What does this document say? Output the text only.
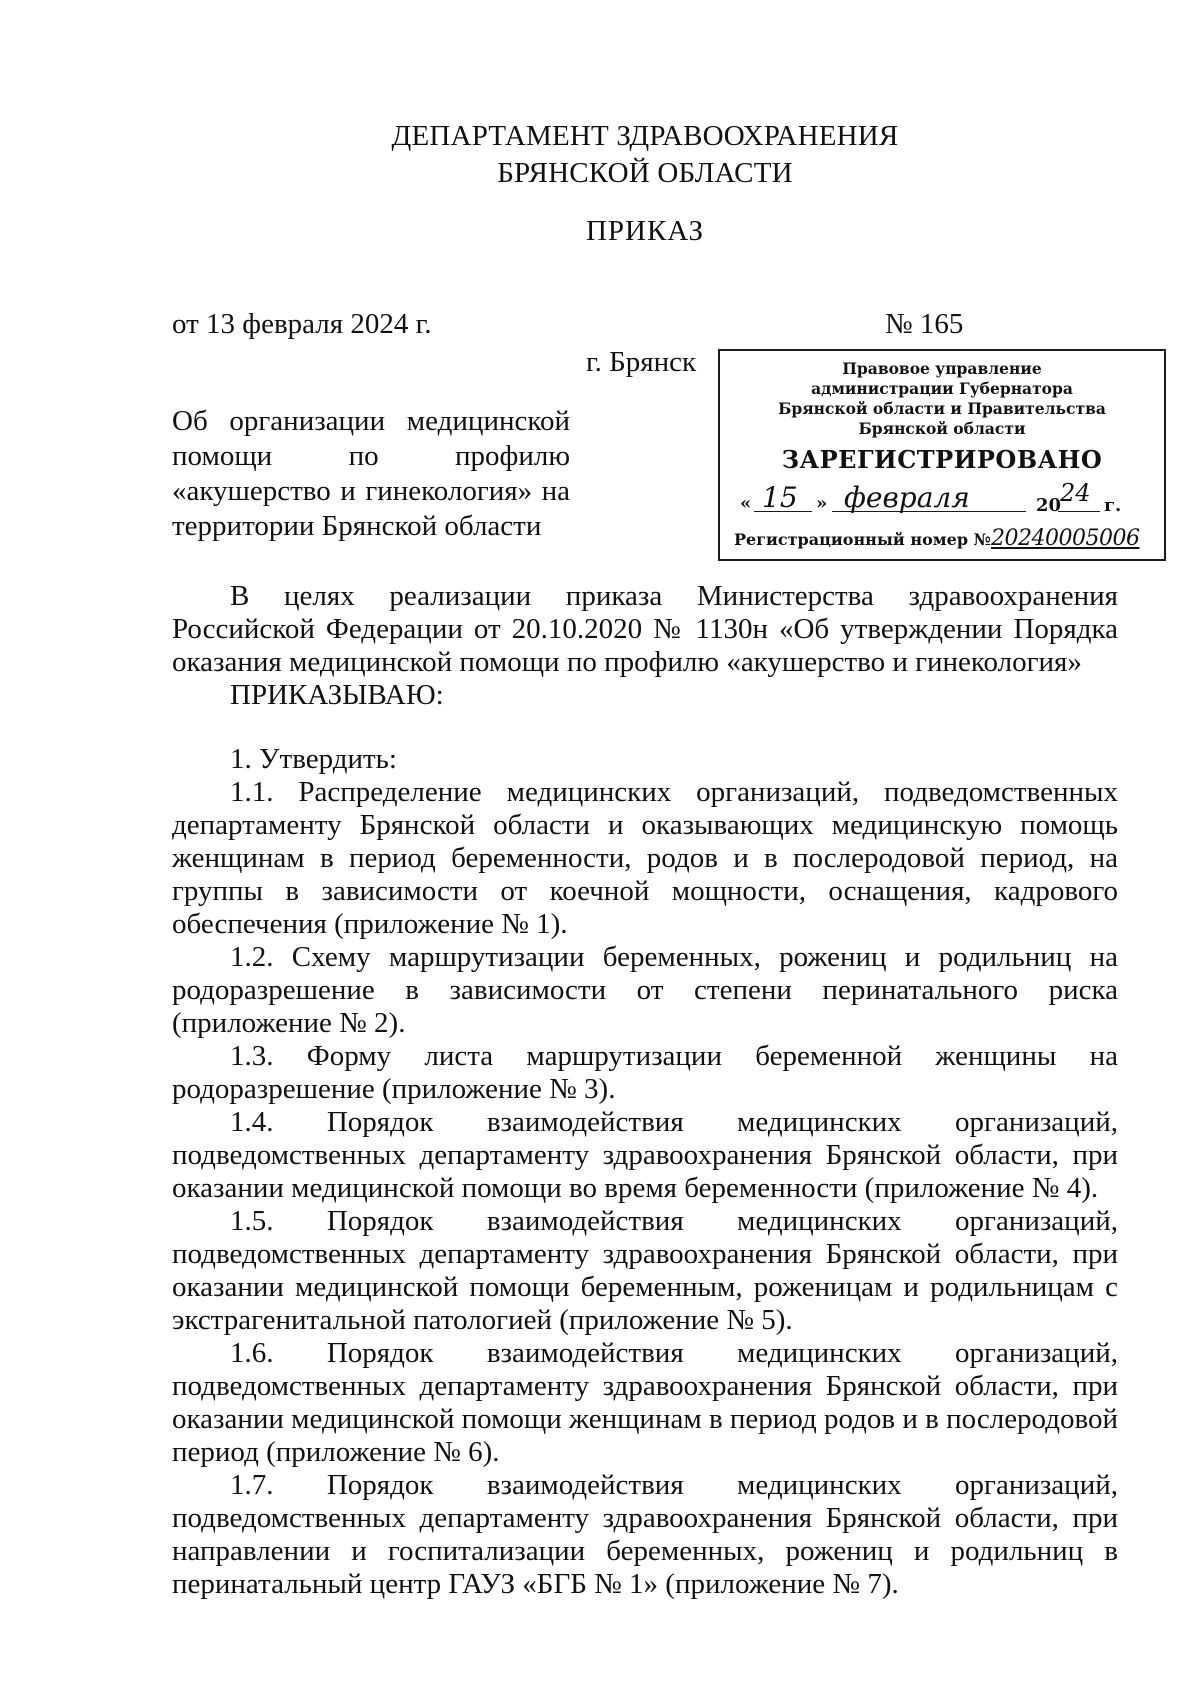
ДЕПАРТАМЕНТ ЗДРАВООХРАНЕНИЯ
БРЯНСКОЙ ОБЛАСТИ
ПРИКАЗ
от 13 февраля 2024 г.	№ 165
г. Брянск
Об организации медицинской
помощи по профилю
«акушерство и гинекология» на
территории Брянской области
Правовое управление
администрации Губернатора
Брянской области и Правительства
Брянской области
ЗАРЕГИСТРИРОВАНО
« 15 » февраля	20
24 г.
Регистрационный номер №20240005006

В целях реализации приказа Министерства здравоохранения Российской Федерации от 20.10.2020 № 1130н «Об утверждении Порядка оказания медицинской помощи по профилю «акушерство и гинекология»

ПРИКАЗЫВАЮ:

1. Утвердить:

1.1. Распределение медицинских организаций, подведомственных департаменту Брянской области и оказывающих медицинскую помощь женщинам в период беременности, родов и в послеродовой период, на группы в зависимости от коечной мощности, оснащения, кадрового обеспечения (приложение № 1).

1.2. Схему маршрутизации беременных, рожениц и родильниц на родоразрешение в зависимости от степени перинатального риска (приложение № 2).

1.3. Форму листа маршрутизации беременной женщины на родоразрешение (приложение № 3).

1.4. Порядок взаимодействия медицинских организаций, подведомственных департаменту здравоохранения Брянской области, при оказании медицинской помощи во время беременности (приложение № 4).

1.5. Порядок взаимодействия медицинских организаций, подведомственных департаменту здравоохранения Брянской области, при оказании медицинской помощи беременным, роженицам и родильницам с экстрагенитальной патологией (приложение № 5).

1.6. Порядок взаимодействия медицинских организаций, подведомственных департаменту здравоохранения Брянской области, при оказании медицинской помощи женщинам в период родов и в послеродовой период (приложение № 6).

1.7. Порядок взаимодействия медицинских организаций, подведомственных департаменту здравоохранения Брянской области, при направлении и госпитализации беременных, рожениц и родильниц в перинатальный центр ГАУЗ «БГБ № 1» (приложение № 7).
